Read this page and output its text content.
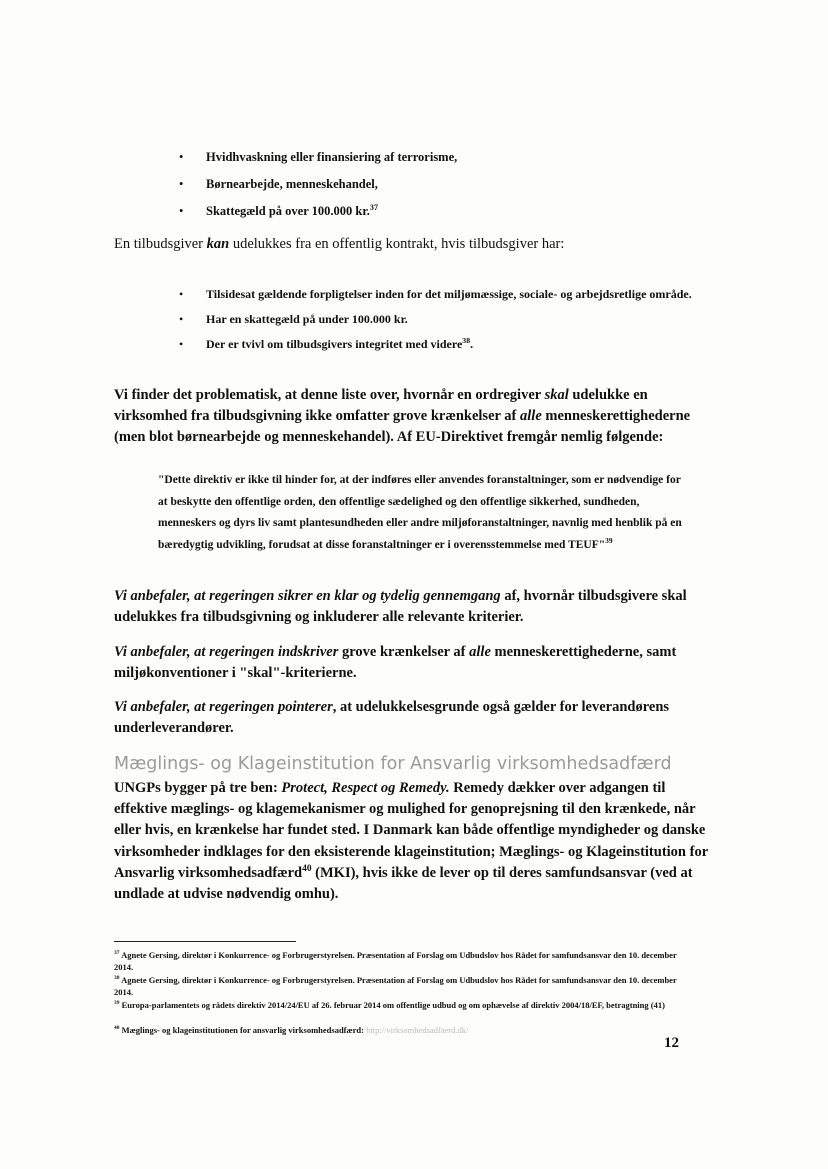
• Hvidhvaskning eller finansiering af terrorisme,
• Børnearbejde, menneskehandel,
• Skattegæld på over 100.000 kr.$^{37}$

En tilbudsgiver kan udelukkes fra en offentlig kontrakt, hvis tilbudsgiver har:

• Tilsidesat gældende forpligtelser inden for det miljømæssige, sociale- og arbejdsretlige område.
• Har en skattegæld på under 100.000 kr.
• Der er tvivl om tilbudsgivers integritet med videre$^{38}$.

Vi finder det problematisk, at denne liste over, hvornår en ordregiver skal udelukke en virksomhed fra tilbudsgivning ikke omfatter grove krænkelser af alle menneskerettighederne (men blot børnearbejde og menneskehandel). Af EU-Direktivet fremgår nemlig følgende:

"Dette direktiv er ikke til hinder for, at der indføres eller anvendes foranstaltninger, som er nødvendige for at beskytte den offentlige orden, den offentlige sædelighed og den offentlige sikkerhed, sundheden, menneskers og dyrs liv samt plantesundheden eller andre miljøforanstaltninger, navnlig med henblik på en bæredygtig udvikling, forudsat at disse foranstaltninger er i overensstemmelse med TEUF"$^{39}$

Vi anbefaler, at regeringen sikrer en klar og tydelig gennemgang af, hvornår tilbudsgivere skal udelukkes fra tilbudsgivning og inkluderer alle relevante kriterier.

Vi anbefaler, at regeringen indskriver grove krænkelser af alle menneskerettighederne, samt miljøkonventioner i "skal"-kriterierne.

Vi anbefaler, at regeringen pointerer, at udelukkelsesgrunde også gælder for leverandørens underleverandører.

Mæglings- og Klageinstitution for Ansvarlig virksomhedsadfærd

UNGPs bygger på tre ben: Protect, Respect og Remedy. Remedy dækker over adgangen til effektive mæglings- og klagemekanismer og mulighed for genoprejsning til den krænkede, når eller hvis, en krænkelse har fundet sted. I Danmark kan både offentlige myndigheder og danske virksomheder indklages for den eksisterende klageinstitution; Mæglings- og Klageinstitution for Ansvarlig virksomhedsadfærd$^{40}$ (MKI), hvis ikke de lever op til deres samfundsansvar (ved at undlade at udvise nødvendig omhu).

$^{37}$ Agnete Gersing, direktør i Konkurrence- og Forbrugerstyrelsen. Præsentation af Forslag om Udbudslov hos Rådet for samfundsansvar den 10. december 2014.
$^{38}$ Agnete Gersing, direktør i Konkurrence- og Forbrugerstyrelsen. Præsentation af Forslag om Udbudslov hos Rådet for samfundsansvar den 10. december 2014.
$^{39}$ Europa-parlamentets og rådets direktiv 2014/24/EU af 26. februar 2014 om offentlige udbud og om ophævelse af direktiv 2004/18/EF, betragtning (41)
$^{40}$ Mæglings- og klageinstitutionen for ansvarlig virksomhedsadfærd: http://virksomhedsadfaerd.dk/
12
